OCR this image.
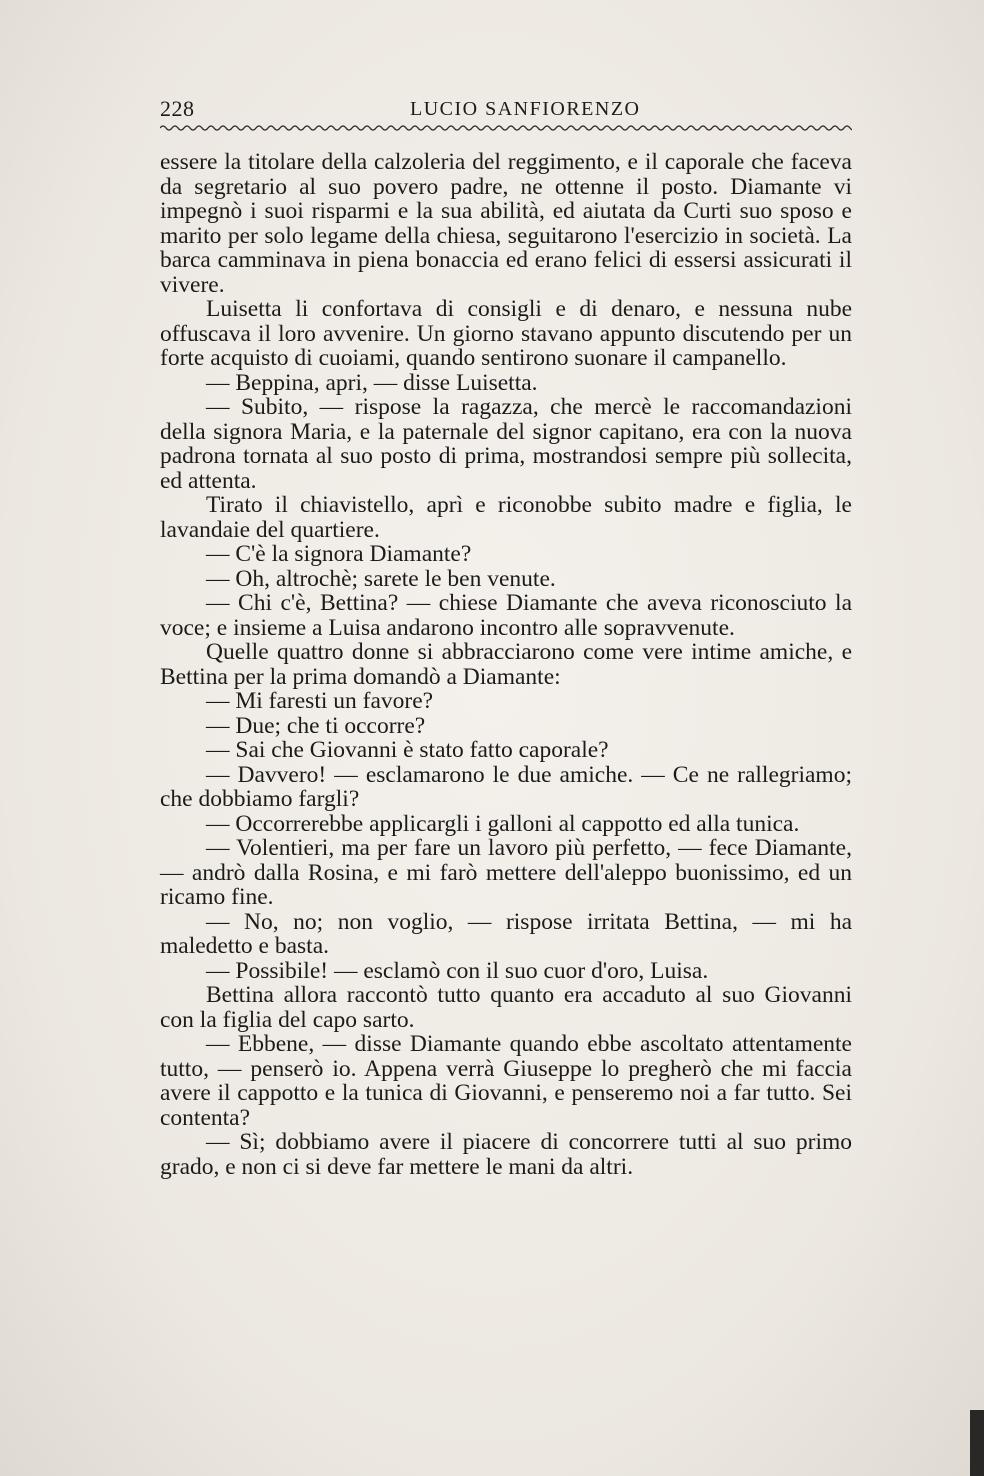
228	LUCIO SANFIORENZO

essere la titolare della calzoleria del reggimento, e il caporale che faceva da segretario al suo povero padre, ne ottenne il posto. Diamante vi impegnò i suoi risparmi e la sua abilità, ed aiutata da Curti suo sposo e marito per solo legame della chiesa, seguitarono l'esercizio in società. La barca camminava in piena bonaccia ed erano felici di essersi assicurati il vivere.

Luisetta li confortava di consigli e di denaro, e nessuna nube offuscava il loro avvenire. Un giorno stavano appunto discutendo per un forte acquisto di cuoiami, quando sentirono suonare il campanello.

— Beppina, apri, — disse Luisetta.

— Subito, — rispose la ragazza, che mercè le raccomandazioni della signora Maria, e la paternale del signor capitano, era con la nuova padrona tornata al suo posto di prima, mostrandosi sempre più sollecita, ed attenta.

Tirato il chiavistello, aprì e riconobbe subito madre e figlia, le lavandaie del quartiere.

— C'è la signora Diamante?

— Oh, altrochè; sarete le ben venute.

— Chi c'è, Bettina? — chiese Diamante che aveva riconosciuto la voce; e insieme a Luisa andarono incontro alle sopravvenute.

Quelle quattro donne si abbracciarono come vere intime amiche, e Bettina per la prima domandò a Diamante:

— Mi faresti un favore?

— Due; che ti occorre?

— Sai che Giovanni è stato fatto caporale?

— Davvero! — esclamarono le due amiche. — Ce ne rallegriamo; che dobbiamo fargli?

— Occorrerebbe applicargli i galloni al cappotto ed alla tunica.

— Volentieri, ma per fare un lavoro più perfetto, — fece Diamante, — andrò dalla Rosina, e mi farò mettere dell'aleppo buonissimo, ed un ricamo fine.

— No, no; non voglio, — rispose irritata Bettina, — mi ha maledetto e basta.

— Possibile! — esclamò con il suo cuor d'oro, Luisa.

Bettina allora raccontò tutto quanto era accaduto al suo Giovanni con la figlia del capo sarto.

— Ebbene, — disse Diamante quando ebbe ascoltato attentamente tutto, — penserò io. Appena verrà Giuseppe lo pregherò che mi faccia avere il cappotto e la tunica di Giovanni, e penseremo noi a far tutto. Sei contenta?

— Sì; dobbiamo avere il piacere di concorrere tutti al suo primo grado, e non ci si deve far mettere le mani da altri.
